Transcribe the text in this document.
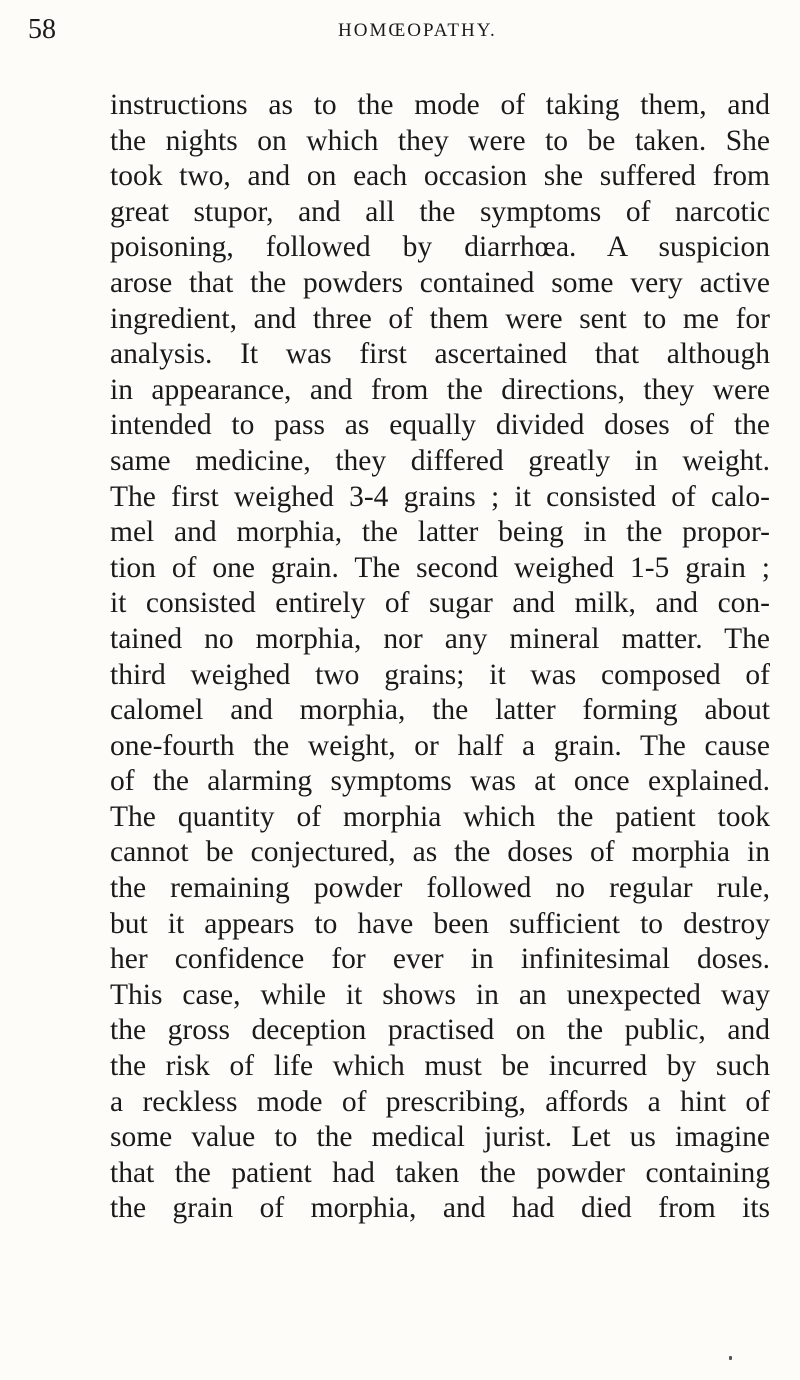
58	HOMŒOPATHY.
instructions as to the mode of taking them, and
the nights on which they were to be taken. She
took two, and on each occasion she suffered from
great stupor, and all the symptoms of narcotic
poisoning, followed by diarrhœa. A suspicion
arose that the powders contained some very active
ingredient, and three of them were sent to me for
analysis. It was first ascertained that although
in appearance, and from the directions, they were
intended to pass as equally divided doses of the
same medicine, they differed greatly in weight.
The first weighed 3-4 grains ; it consisted of calo-
mel and morphia, the latter being in the propor-
tion of one grain. The second weighed 1-5 grain ;
it consisted entirely of sugar and milk, and con-
tained no morphia, nor any mineral matter. The
third weighed two grains; it was composed of
calomel and morphia, the latter forming about
one-fourth the weight, or half a grain. The cause
of the alarming symptoms was at once explained.
The quantity of morphia which the patient took
cannot be conjectured, as the doses of morphia in
the remaining powder followed no regular rule,
but it appears to have been sufficient to destroy
her confidence for ever in infinitesimal doses.
This case, while it shows in an unexpected way
the gross deception practised on the public, and
the risk of life which must be incurred by such
a reckless mode of prescribing, affords a hint of
some value to the medical jurist. Let us imagine
that the patient had taken the powder containing
the grain of morphia, and had died from its
